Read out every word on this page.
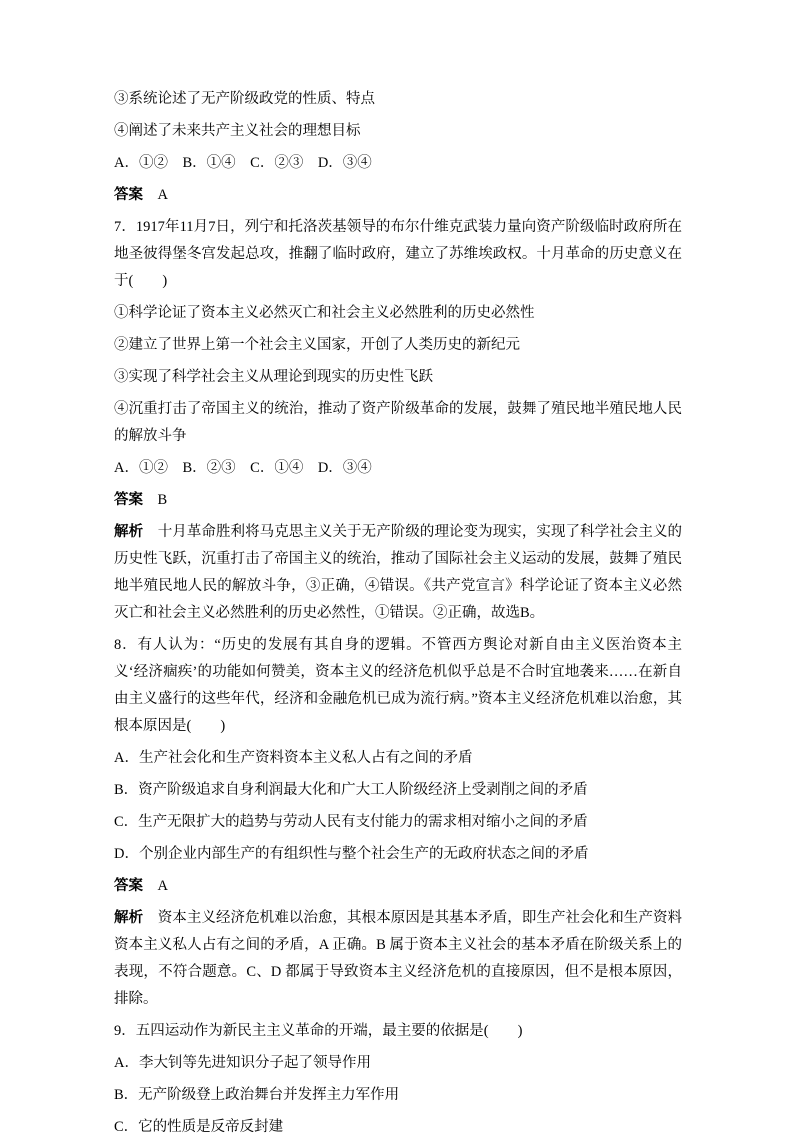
③系统论述了无产阶级政党的性质、特点

④阐述了未来共产主义社会的理想目标

A．①②　B．①④　C．②③　D．③④

答案　A

7．1917年11月7日，列宁和托洛茨基领导的布尔什维克武装力量向资产阶级临时政府所在地圣彼得堡冬宫发起总攻，推翻了临时政府，建立了苏维埃政权。十月革命的历史意义在于(　　)

①科学论证了资本主义必然灭亡和社会主义必然胜利的历史必然性

②建立了世界上第一个社会主义国家，开创了人类历史的新纪元

③实现了科学社会主义从理论到现实的历史性飞跃

④沉重打击了帝国主义的统治，推动了资产阶级革命的发展，鼓舞了殖民地半殖民地人民的解放斗争

A．①②　B．②③　C．①④　D．③④

答案　B

解析　十月革命胜利将马克思主义关于无产阶级的理论变为现实，实现了科学社会主义的历史性飞跃，沉重打击了帝国主义的统治，推动了国际社会主义运动的发展，鼓舞了殖民地半殖民地人民的解放斗争，③正确，④错误。《共产党宣言》科学论证了资本主义必然灭亡和社会主义必然胜利的历史必然性，①错误。②正确，故选B。

8．有人认为：“历史的发展有其自身的逻辑。不管西方舆论对新自由主义医治资本主义‘经济痼疾’的功能如何赞美，资本主义的经济危机似乎总是不合时宜地袭来……在新自由主义盛行的这些年代，经济和金融危机已成为流行病。”资本主义经济危机难以治愈，其根本原因是(　　)

A．生产社会化和生产资料资本主义私人占有之间的矛盾

B．资产阶级追求自身利润最大化和广大工人阶级经济上受剥削之间的矛盾

C．生产无限扩大的趋势与劳动人民有支付能力的需求相对缩小之间的矛盾

D．个别企业内部生产的有组织性与整个社会生产的无政府状态之间的矛盾

答案　A

解析　资本主义经济危机难以治愈，其根本原因是其基本矛盾，即生产社会化和生产资料资本主义私人占有之间的矛盾，A 正确。B 属于资本主义社会的基本矛盾在阶级关系上的表现，不符合题意。C、D 都属于导致资本主义经济危机的直接原因，但不是根本原因，排除。

9．五四运动作为新民主主义革命的开端，最主要的依据是(　　)

A．李大钊等先进知识分子起了领导作用

B．无产阶级登上政治舞台并发挥主力军作用

C．它的性质是反帝反封建
